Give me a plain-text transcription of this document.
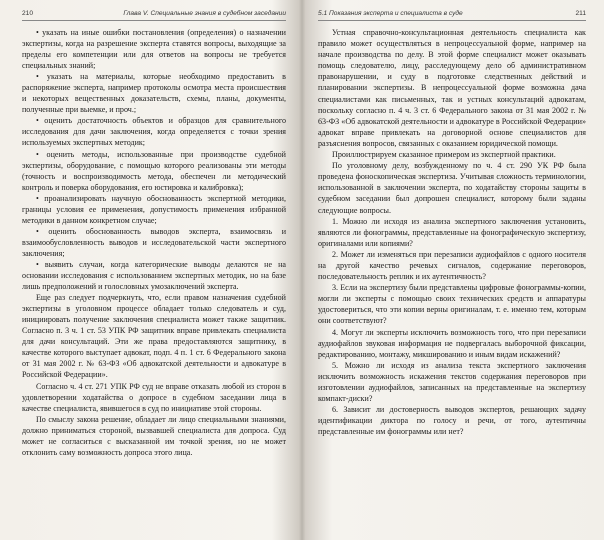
210	Глава V. Специальные знания в судебном заседании

• указать на иные ошибки постановления (определения) о назначении экспертизы, когда на разрешение эксперта ставятся вопросы, выходящие за пределы его компетенции или для ответов на вопросы не требуется специальных знаний;

• указать на материалы, которые необходимо предоставить в распоряжение эксперта, например протоколы осмотра места происшествия и некоторых вещественных доказательств, схемы, планы, документы, полученные при выемке, и проч.;

• оценить достаточность объектов и образцов для сравнительного исследования для дачи заключения, когда определяется с точки зрения используемых экспертных методик;

• оценить методы, использованные при производстве судебной экспертизы, оборудование, с помощью которого реализованы эти методы (точность и воспроизводимость метода, обеспечен ли методический контроль и поверка оборудования, его юстировка и калибровка);

• проанализировать научную обоснованность экспертной методики, границы условия ее применения, допустимость применения избранной методики в данном конкретном случае;

• оценить обоснованность выводов эксперта, взаимосвязь и взаимообусловленность выводов и исследовательской части экспертного заключения;

• выявить случаи, когда категорические выводы делаются не на основании исследования с использованием экспертных методик, но на базе лишь предположений и голословных умозаключений эксперта.

Еще раз следует подчеркнуть, что, если правом назначения судебной экспертизы в уголовном процессе обладает только следователь и суд, инициировать получение заключения специалиста может также защитник. Согласно п. 3 ч. 1 ст. 53 УПК РФ защитник вправе привлекать специалиста для дачи консультаций. Эти же права предоставляются защитнику, в качестве которого выступает адвокат, подп. 4 п. 1 ст. 6 Федерального закона от 31 мая 2002 г. № 63-ФЗ «Об адвокатской деятельности и адвокатуре в Российской Федерации».

Согласно ч. 4 ст. 271 УПК РФ суд не вправе отказать любой из сторон в удовлетворении ходатайства о допросе в судебном заседании лица в качестве специалиста, явившегося в суд по инициативе этой стороны.

По смыслу закона решение, обладает ли лицо специальными знаниями, должно приниматься стороной, вызвавшей специалиста для допроса. Суд может не согласиться с высказанной им точкой зрения, но не может отклонить саму возможность допроса этого лица.

5.1 Показания эксперта и специалиста в суде	211

Устная справочно-консультационная деятельность специалиста как правило может осуществляться в непроцессуальной форме, например на начале производства по делу. В этой форме специалист может оказывать помощь следователю, лицу, расследующему дело об административном правонарушении, и суду в подготовке следственных действий и планировании экспертизы. В непроцессуальной форме возможна дача специалистами как письменных, так и устных консультаций адвокатам, поскольку согласно п. 4 ч. 3 ст. 6 Федерального закона от 31 мая 2002 г. № 63-ФЗ «Об адвокатской деятельности и адвокатуре в Российской Федерации» адвокат вправе привлекать на договорной основе специалистов для разъяснения вопросов, связанных с оказанием юридической помощи.

Проиллюстрируем сказанное примером из экспертной практики.

По уголовному делу, возбужденному по ч. 4 ст. 290 УК РФ была проведена фоноскопическая экспертиза. Учитывая сложность терминологии, использованной в заключении эксперта, по ходатайству стороны защиты в судебном заседании был допрошен специалист, которому были заданы следующие вопросы.

1. Можно ли исходя из анализа экспертного заключения установить, являются ли фонограммы, представленные на фонографическую экспертизу, оригиналами или копиями?

2. Может ли изменяться при перезаписи аудиофайлов с одного носителя на другой качество речевых сигналов, содержание переговоров, последовательность реплик и их аутентичность?

3. Если на экспертизу были представлены цифровые фонограммы-копии, могли ли эксперты с помощью своих технических средств и аппаратуры удостовериться, что эти копии верны оригиналам, т. е. именно тем, которым они соответствуют?

4. Могут ли эксперты исключить возможность того, что при перезаписи аудиофайлов звуковая информация не подвергалась выборочной фиксации, редактированию, монтажу, микшированию и иным видам искажений?

5. Можно ли исходя из анализа текста экспертного заключения исключить возможность искажения текстов содержания переговоров при изготовлении аудиофайлов, записанных на представленные на экспертизу компакт-диски?

6. Зависит ли достоверность выводов экспертов, решающих задачу идентификации диктора по голосу и речи, от того, аутентичны представленные им фонограммы или нет?
